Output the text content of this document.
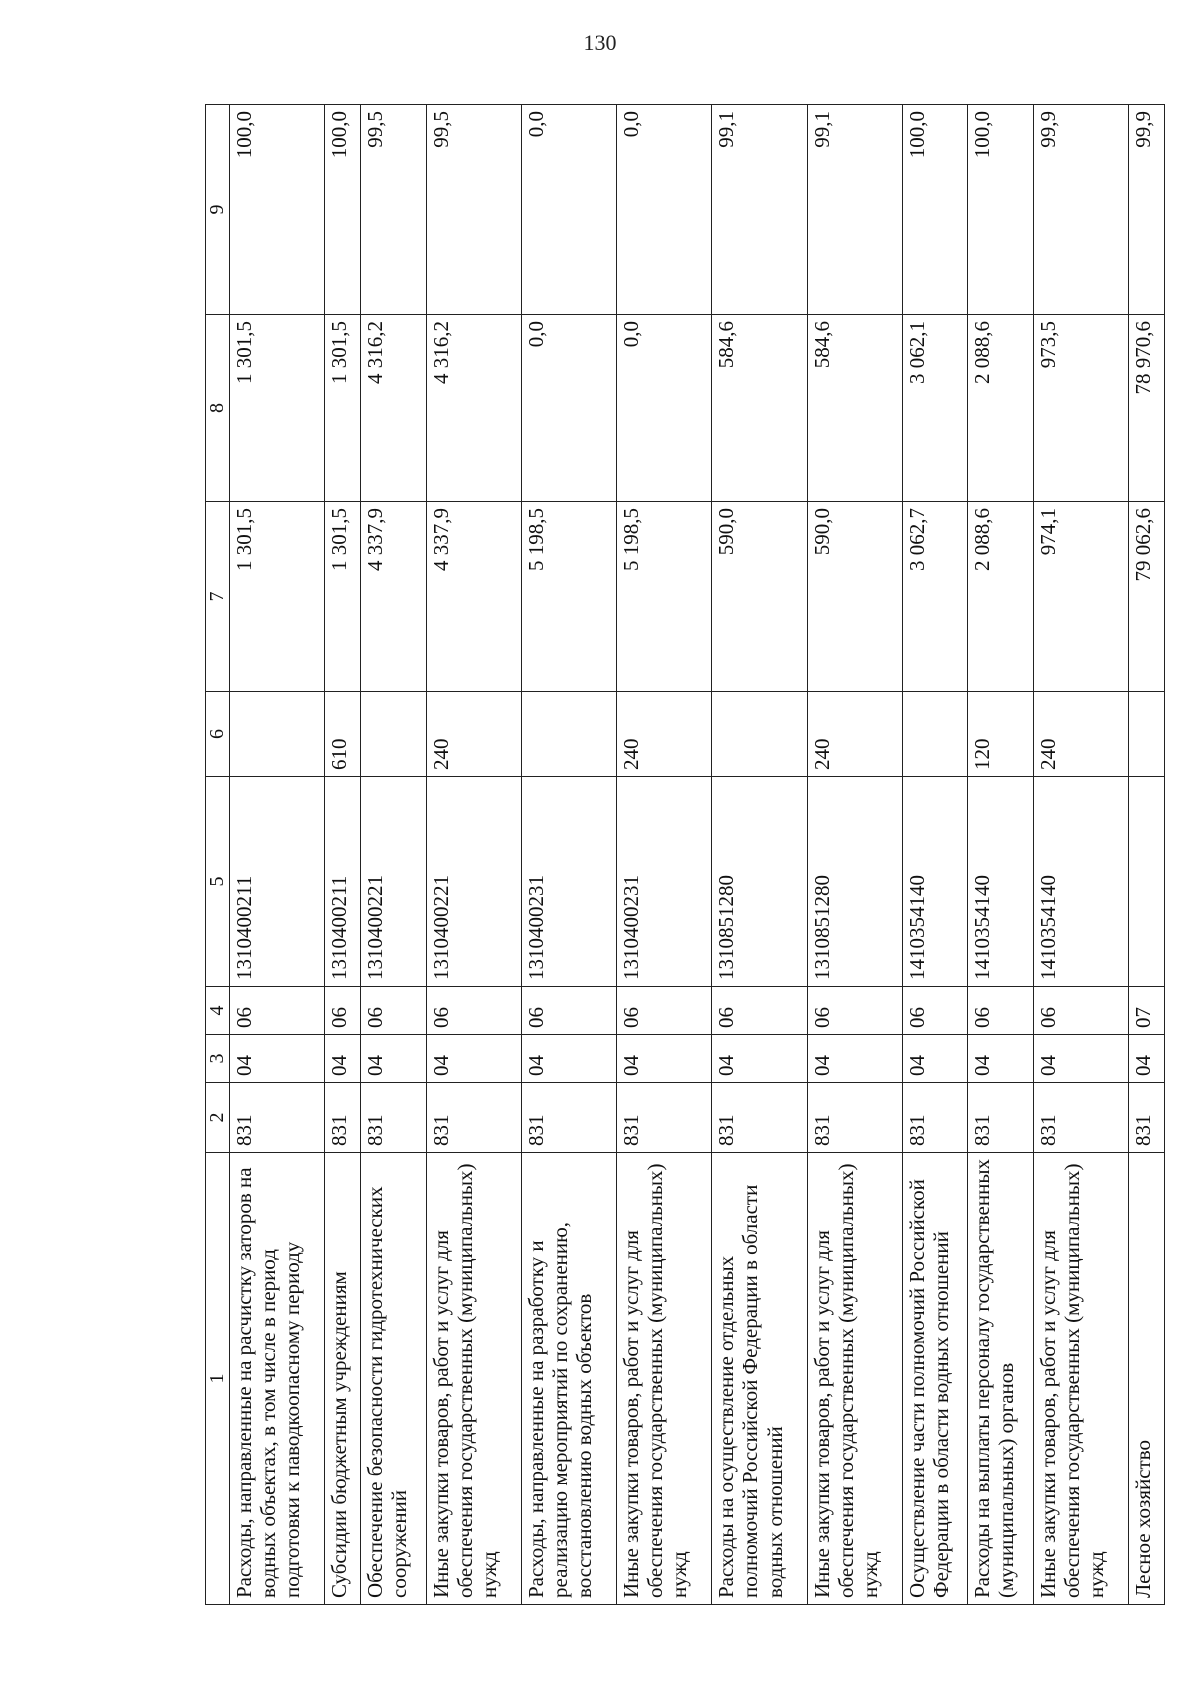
130
1	2	3	4	5	6	7	8	9
Расходы, направленные на расчистку заторов на водных объектах, в том числе в период подготовки к паводкоопасному периоду	831	04	06	1310400211		1 301,5	1 301,5	100,0
Субсидии бюджетным учреждениям	831	04	06	1310400211	610	1 301,5	1 301,5	100,0
Обеспечение безопасности гидротехнических сооружений	831	04	06	1310400221		4 337,9	4 316,2	99,5
Иные закупки товаров, работ и услуг для обеспечения государственных (муниципальных) нужд	831	04	06	1310400221	240	4 337,9	4 316,2	99,5
Расходы, направленные на разработку и реализацию мероприятий по сохранению, восстановлению водных объектов	831	04	06	1310400231		5 198,5	0,0	0,0
Иные закупки товаров, работ и услуг для обеспечения государственных (муниципальных) нужд	831	04	06	1310400231	240	5 198,5	0,0	0,0
Расходы на осуществление отдельных полномочий Российской Федерации в области водных отношений	831	04	06	1310851280		590,0	584,6	99,1
Иные закупки товаров, работ и услуг для обеспечения государственных (муниципальных) нужд	831	04	06	1310851280	240	590,0	584,6	99,1
Осуществление части полномочий Российской Федерации в области водных отношений	831	04	06	1410354140		3 062,7	3 062,1	100,0
Расходы на выплаты персоналу государственных (муниципальных) органов	831	04	06	1410354140	120	2 088,6	2 088,6	100,0
Иные закупки товаров, работ и услуг для обеспечения государственных (муниципальных) нужд	831	04	06	1410354140	240	974,1	973,5	99,9
Лесное хозяйство	831	04	07			79 062,6	78 970,6	99,9
